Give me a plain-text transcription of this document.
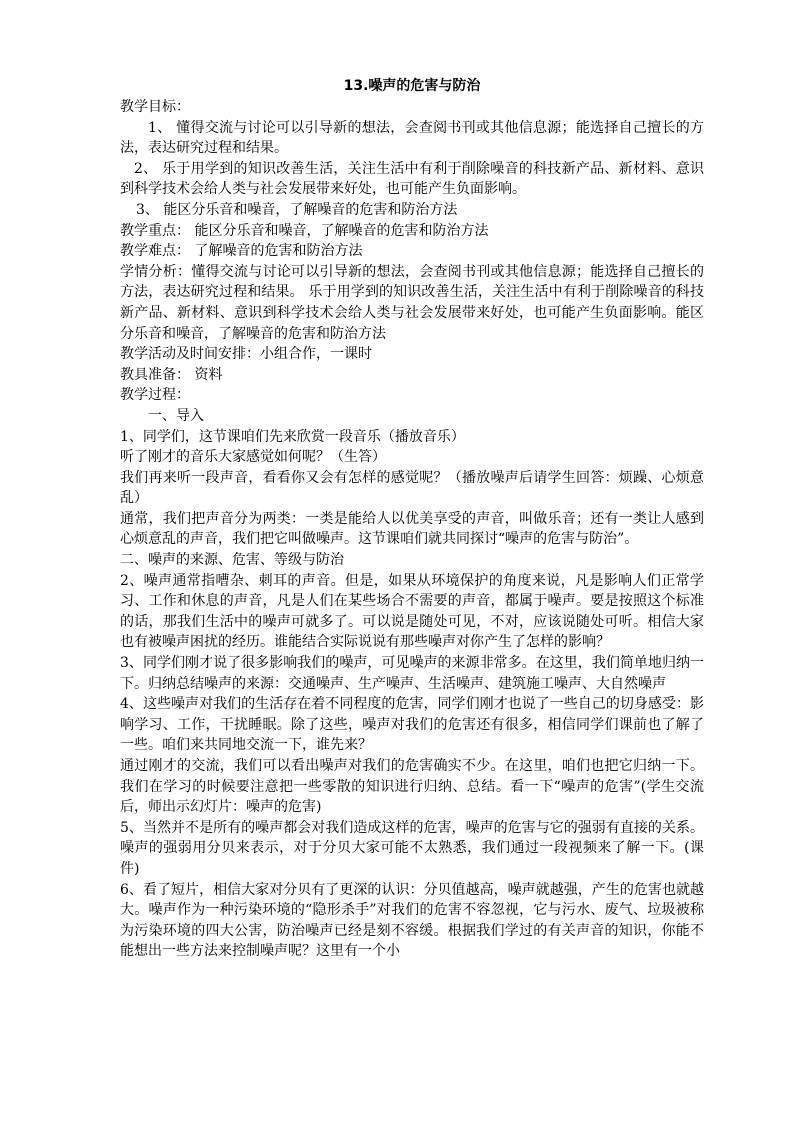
13.噪声的危害与防治

教学目标：

1、 懂得交流与讨论可以引导新的想法，会查阅书刊或其他信息源；能选择自己擅长的方法，表达研究过程和结果。

2、 乐于用学到的知识改善生活，关注生活中有利于削除噪音的科技新产品、新材料、意识到科学技术会给人类与社会发展带来好处，也可能产生负面影响。

3、 能区分乐音和噪音，了解噪音的危害和防治方法

教学重点： 能区分乐音和噪音，了解噪音的危害和防治方法

教学难点： 了解噪音的危害和防治方法

学情分析：懂得交流与讨论可以引导新的想法，会查阅书刊或其他信息源；能选择自己擅长的方法，表达研究过程和结果。 乐于用学到的知识改善生活，关注生活中有利于削除噪音的科技新产品、新材料、意识到科学技术会给人类与社会发展带来好处，也可能产生负面影响。能区分乐音和噪音，了解噪音的危害和防治方法

教学活动及时间安排：小组合作，一课时

教具准备： 资料

教学过程：

一、导入

1、同学们，这节课咱们先来欣赏一段音乐（播放音乐）

听了刚才的音乐大家感觉如何呢？（生答）

我们再来听一段声音，看看你又会有怎样的感觉呢？（播放噪声后请学生回答：烦躁、心烦意乱）

通常，我们把声音分为两类：一类是能给人以优美享受的声音，叫做乐音；还有一类让人感到心烦意乱的声音，我们把它叫做噪声。这节课咱们就共同探讨“噪声的危害与防治”。

二、噪声的来源、危害、等级与防治

2、噪声通常指嘈杂、刺耳的声音。但是，如果从环境保护的角度来说，凡是影响人们正常学习、工作和休息的声音，凡是人们在某些场合不需要的声音，都属于噪声。要是按照这个标准的话，那我们生活中的噪声可就多了。可以说是随处可见，不对，应该说随处可听。相信大家也有被噪声困扰的经历。谁能结合实际说说有那些噪声对你产生了怎样的影响？

3、同学们刚才说了很多影响我们的噪声，可见噪声的来源非常多。在这里，我们简单地归纳一下。归纳总结噪声的来源：交通噪声、生产噪声、生活噪声、建筑施工噪声、大自然噪声

4、这些噪声对我们的生活存在着不同程度的危害，同学们刚才也说了一些自己的切身感受：影响学习、工作，干扰睡眠。除了这些，噪声对我们的危害还有很多，相信同学们课前也了解了一些。咱们来共同地交流一下，谁先来？

通过刚才的交流，我们可以看出噪声对我们的危害确实不少。在这里，咱们也把它归纳一下。我们在学习的时候要注意把一些零散的知识进行归纳、总结。看一下“噪声的危害”(学生交流后，师出示幻灯片：噪声的危害)

5、当然并不是所有的噪声都会对我们造成这样的危害，噪声的危害与它的强弱有直接的关系。噪声的强弱用分贝来表示，对于分贝大家可能不太熟悉，我们通过一段视频来了解一下。(课件)

6、看了短片，相信大家对分贝有了更深的认识：分贝值越高，噪声就越强，产生的危害也就越大。噪声作为一种污染环境的“隐形杀手”对我们的危害不容忽视，它与污水、废气、垃圾被称为污染环境的四大公害，防治噪声已经是刻不容缓。根据我们学过的有关声音的知识，你能不能想出一些方法来控制噪声呢？这里有一个小
